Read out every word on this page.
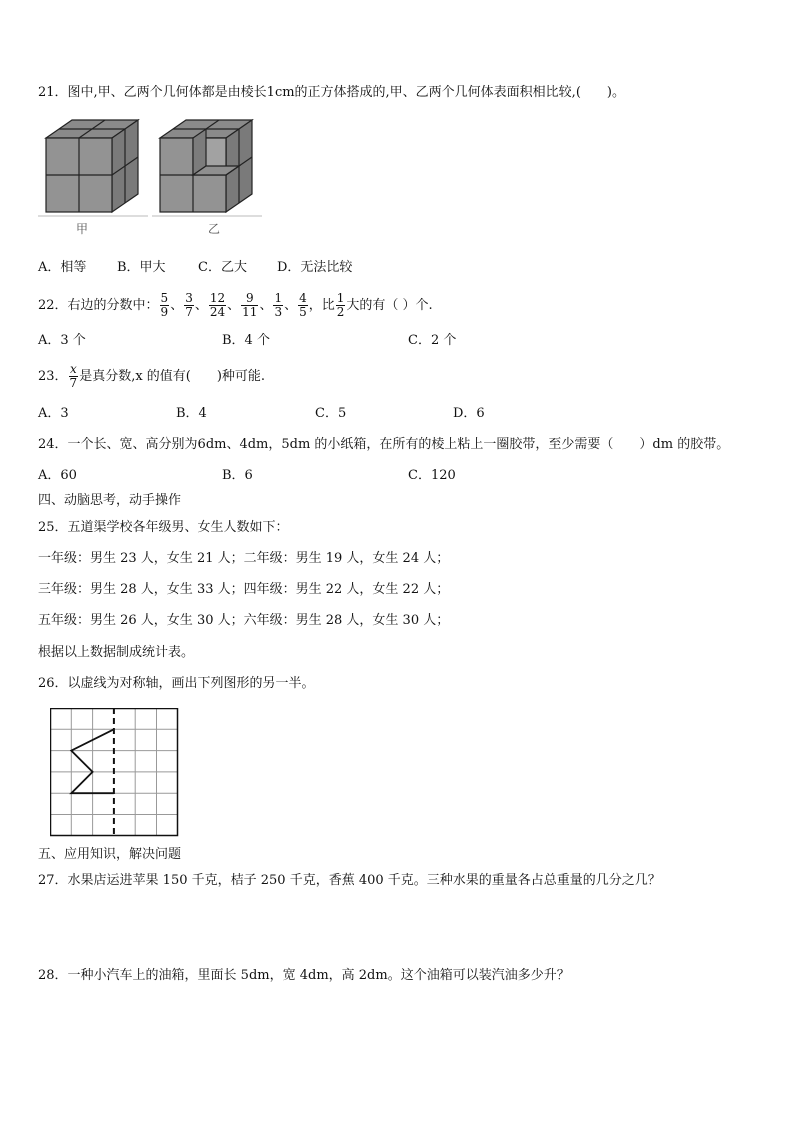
21．图中,甲、乙两个几何体都是由棱长1cm的正方体搭成的,甲、乙两个几何体表面积相比较,(　　)。
甲	乙
A．相等 B．甲大 C．乙大 D．无法比较
22．右边的分数中： $\frac{5}{9}$ 、 $\frac{3}{7}$ 、 $\frac{12}{24}$ 、 $\frac{9}{11}$ 、 $\frac{1}{3}$ 、 $\frac{4}{5}$ ，比 $\frac{1}{2}$ 大的有（ ）个.
A．3 个	B．4 个	C．2 个
23． $\frac{x}{7}$ 是真分数,x 的值有(　　)种可能.
A．3	B．4	C．5	D．6
24．一个长、宽、高分别为6dm、4dm，5dm 的小纸箱，在所有的棱上粘上一圈胶带，至少需要（　　）dm 的胶带。
A．60	B．6	C．120
四、动脑思考，动手操作
25．五道渠学校各年级男、女生人数如下：
一年级：男生 23 人，女生 21 人；二年级：男生 19 人，女生 24 人；
三年级：男生 28 人，女生 33 人；四年级：男生 22 人，女生 22 人；
五年级：男生 26 人，女生 30 人；六年级：男生 28 人，女生 30 人；
根据以上数据制成统计表。
26．以虚线为对称轴，画出下列图形的另一半。
五、应用知识，解决问题
27．水果店运进苹果 150 千克，桔子 250 千克，香蕉 400 千克。三种水果的重量各占总重量的几分之几？
28．一种小汽车上的油箱，里面长 5dm，宽 4dm，高 2dm。这个油箱可以装汽油多少升？
